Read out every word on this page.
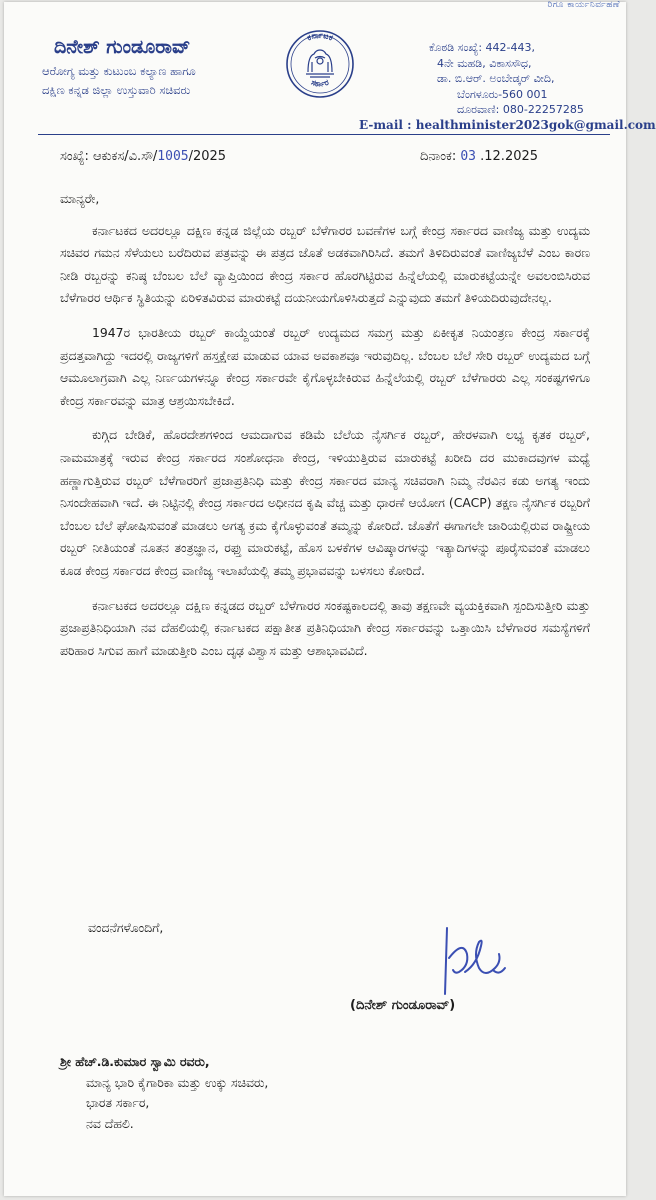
ರಿಗೂ ಕಾರ್ಯನಿರ್ವಹಣೆ
ದಿನೇಶ್ ಗುಂಡೂರಾವ್
ಆರೋಗ್ಯ ಮತ್ತು ಕುಟುಂಬ ಕಲ್ಯಾಣ ಹಾಗೂ
ದಕ್ಷಿಣ ಕನ್ನಡ ಜಿಲ್ಲಾ ಉಸ್ತುವಾರಿ ಸಚಿವರು
ಕರ್ನಾಟಕ
ಸರ್ಕಾರ
ಕೊಠಡಿ ಸಂಖ್ಯೆ: 442-443,
4ನೇ ಮಹಡಿ, ವಿಕಾಸಸೌಧ,
ಡಾ. ಬಿ.ಆರ್. ಅಂಬೇಡ್ಕರ್ ವೀದಿ,
ಬೆಂಗಳೂರು-560 001
ದೂರವಾಣಿ: 080-22257285
E-mail : healthminister2023gok@gmail.com
ಸಂಖ್ಯೆ: ಆಕುಕಸ/ವಿ.ಸೌ/1005/2025	ದಿನಾಂಕ: 03 .12.2025

ಮಾನ್ಯರೇ,

ಕರ್ನಾಟಕದ ಅದರಲ್ಲೂ ದಕ್ಷಿಣ ಕನ್ನಡ ಜಿಲ್ಲೆಯ ರಬ್ಬರ್ ಬೆಳೆಗಾರರ ಬವಣೆಗಳ ಬಗ್ಗೆ ಕೇಂದ್ರ ಸರ್ಕಾರದ ವಾಣಿಜ್ಯ ಮತ್ತು ಉದ್ಯಮ ಸಚಿವರ ಗಮನ ಸೆಳೆಯಲು ಬರೆದಿರುವ ಪತ್ರವನ್ನು ಈ ಪತ್ರದ ಜೊತೆ ಅಡಕವಾಗಿರಿಸಿದೆ. ತಮಗೆ ತಿಳಿದಿರುವಂತೆ ವಾಣಿಜ್ಯಬೆಳೆ ಎಂಬ ಕಾರಣ ನೀಡಿ ರಬ್ಬರನ್ನು ಕನಿಷ್ಠ ಬೆಂಬಲ ಬೆಲೆ ವ್ಯಾಪ್ತಿಯಿಂದ ಕೇಂದ್ರ ಸರ್ಕಾರ ಹೊರಗಿಟ್ಟಿರುವ ಹಿನ್ನೆಲೆಯಲ್ಲಿ ಮಾರುಕಟ್ಟೆಯನ್ನೇ ಅವಲಂಬಿಸಿರುವ ಬೆಳೆಗಾರರ ಆರ್ಥಿಕ ಸ್ಥಿತಿಯನ್ನು ಏರಿಳಿತವಿರುವ ಮಾರುಕಟ್ಟೆ ದಯನೀಯಗೊಳಿಸಿರುತ್ತದೆ ಎನ್ನುವುದು ತಮಗೆ ತಿಳಿಯದಿರುವುದೇನಲ್ಲ.

1947ರ ಭಾರತೀಯ ರಬ್ಬರ್ ಕಾಯ್ದೆಯಂತೆ ರಬ್ಬರ್ ಉದ್ಯಮದ ಸಮಗ್ರ ಮತ್ತು ಏಕೀಕೃತ ನಿಯಂತ್ರಣ ಕೇಂದ್ರ ಸರ್ಕಾರಕ್ಕೆ ಪ್ರದತ್ತವಾಗಿದ್ದು ಇದರಲ್ಲಿ ರಾಜ್ಯಗಳಿಗೆ ಹಸ್ತಕ್ಷೇಪ ಮಾಡುವ ಯಾವ ಅವಕಾಶವೂ ಇರುವುದಿಲ್ಲ. ಬೆಂಬಲ ಬೆಲೆ ಸೇರಿ ರಬ್ಬರ್ ಉದ್ಯಮದ ಬಗ್ಗೆ ಆಮೂಲಾಗ್ರವಾಗಿ ಎಲ್ಲ ನಿರ್ಣಯಗಳನ್ನೂ ಕೇಂದ್ರ ಸರ್ಕಾರವೇ ಕೈಗೊಳ್ಳಬೇಕಿರುವ ಹಿನ್ನೆಲೆಯಲ್ಲಿ ರಬ್ಬರ್ ಬೆಳೆಗಾರರು ಎಲ್ಲ ಸಂಕಷ್ಟಗಳಿಗೂ ಕೇಂದ್ರ ಸರ್ಕಾರವನ್ನು ಮಾತ್ರ ಆಶ್ರಯಿಸಬೇಕಿದೆ.

ಕುಗ್ಗಿದ ಬೇಡಿಕೆ, ಹೊರದೇಶಗಳಿಂದ ಆಮದಾಗುವ ಕಡಿಮೆ ಬೆಲೆಯ ನೈಸರ್ಗಿಕ ರಬ್ಬರ್, ಹೇರಳವಾಗಿ ಲಭ್ಯ ಕೃತಕ ರಬ್ಬರ್, ನಾಮಮಾತ್ರಕ್ಕೆ ಇರುವ ಕೇಂದ್ರ ಸರ್ಕಾರದ ಸಂಶೋಧನಾ ಕೇಂದ್ರ, ಇಳಿಯುತ್ತಿರುವ ಮಾರುಕಟ್ಟೆ ಖರೀದಿ ದರ ಮುಕಾದವುಗಳ ಮಧ್ಯೆ ಹಣ್ಣಾಗುತ್ತಿರುವ ರಬ್ಬರ್ ಬೆಳೆಗಾರರಿಗೆ ಪ್ರಜಾಪ್ರತಿನಿಧಿ ಮತ್ತು ಕೇಂದ್ರ ಸರ್ಕಾರದ ಮಾನ್ಯ ಸಚಿವರಾಗಿ ನಿಮ್ಮ ನೆರವಿನ ಕಡು ಅಗತ್ಯ ಇಂದು ನಿಸಂದೇಹವಾಗಿ ಇದೆ. ಈ ನಿಟ್ಟಿನಲ್ಲಿ ಕೇಂದ್ರ ಸರ್ಕಾರದ ಅಧೀನದ ಕೃಷಿ ವೆಚ್ಚ ಮತ್ತು ಧಾರಣೆ ಆಯೋಗ (CACP) ತಕ್ಷಣ ನೈಸರ್ಗಿಕ ರಬ್ಬರಿಗೆ ಬೆಂಬಲ ಬೆಲೆ ಘೋಷಿಸುವಂತೆ ಮಾಡಲು ಅಗತ್ಯ ಕ್ರಮ ಕೈಗೊಳ್ಳುವಂತೆ ತಮ್ಮನ್ನು ಕೋರಿದೆ. ಜೊತೆಗೆ ಈಗಾಗಲೇ ಜಾರಿಯಲ್ಲಿರುವ ರಾಷ್ಟ್ರೀಯ ರಬ್ಬರ್ ನೀತಿಯಂತೆ ನೂತನ ತಂತ್ರಜ್ಞಾನ, ರಫ್ತು ಮಾರುಕಟ್ಟೆ, ಹೊಸ ಬಳಕೆಗಳ ಆವಿಷ್ಕಾರಗಳನ್ನು ಇತ್ಯಾದಿಗಳನ್ನು ಪೂರೈಸುವಂತೆ ಮಾಡಲು ಕೂಡ ಕೇಂದ್ರ ಸರ್ಕಾರದ ಕೇಂದ್ರ ವಾಣಿಜ್ಯ ಇಲಾಖೆಯಲ್ಲಿ ತಮ್ಮ ಪ್ರಭಾವವನ್ನು ಬಳಸಲು ಕೋರಿದೆ.

ಕರ್ನಾಟಕದ ಅದರಲ್ಲೂ ದಕ್ಷಿಣ ಕನ್ನಡದ ರಬ್ಬರ್ ಬೆಳೆಗಾರರ ಸಂಕಷ್ಟಕಾಲದಲ್ಲಿ ತಾವು ತಕ್ಷಣವೇ ವ್ಯಯಕ್ತಿಕವಾಗಿ ಸ್ಪಂದಿಸುತ್ತೀರಿ ಮತ್ತು ಪ್ರಜಾಪ್ರತಿನಿಧಿಯಾಗಿ ನವ ದೆಹಲಿಯಲ್ಲಿ ಕರ್ನಾಟಕದ ಪಕ್ಷಾತೀತ ಪ್ರತಿನಿಧಿಯಾಗಿ ಕೇಂದ್ರ ಸರ್ಕಾರವನ್ನು ಒತ್ತಾಯಿಸಿ ಬೆಳೆಗಾರರ ಸಮಸ್ಯೆಗಳಿಗೆ ಪರಿಹಾರ ಸಿಗುವ ಹಾಗೆ ಮಾಡುತ್ತೀರಿ ಎಂಬ ದೃಢ ವಿಶ್ವಾಸ ಮತ್ತು ಆಶಾಭಾವವಿದೆ.

ವಂದನೆಗಳೊಂದಿಗೆ,
(ದಿನೇಶ್ ಗುಂಡೂರಾವ್)
ಶ್ರೀ ಹೆಚ್.ಡಿ.ಕುಮಾರ ಸ್ವಾಮಿ ರವರು,
ಮಾನ್ಯ ಭಾರಿ ಕೈಗಾರಿಕಾ ಮತ್ತು ಉಕ್ಕು ಸಚಿವರು,
ಭಾರತ ಸರ್ಕಾರ,
ನವ ದೆಹಲಿ.
